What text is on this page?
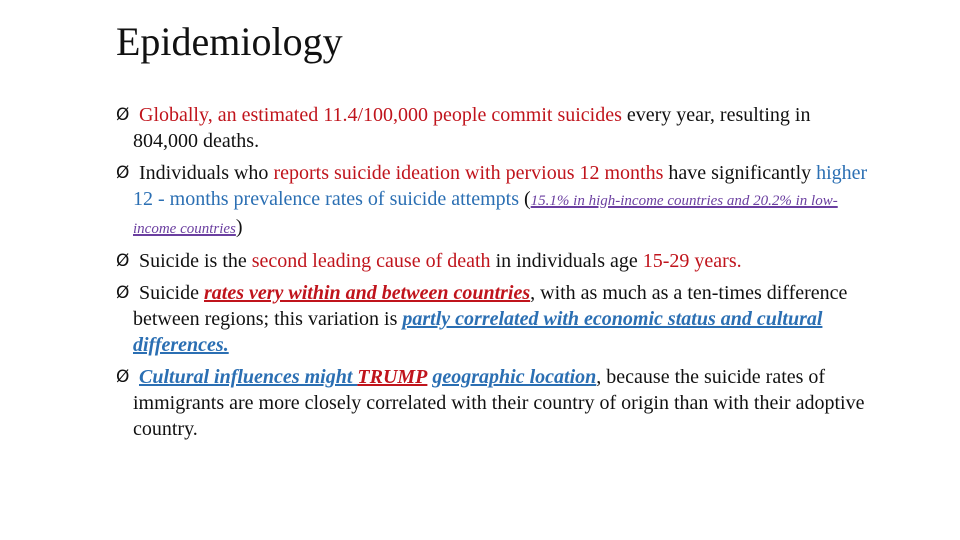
Epidemiology
Ø Globally, an estimated 11.4/100,000 people commit suicides every year, resulting in 804,000 deaths.
Ø Individuals who reports suicide ideation with pervious 12 months have significantly higher 12 - months prevalence rates of suicide attempts (15.1% in high-income countries and 20.2% in low-income countries)
Ø Suicide is the second leading cause of death in individuals age 15-29 years.
Ø Suicide rates very within and between countries, with as much as a ten-times difference between regions; this variation is partly correlated with economic status and cultural differences.
Ø Cultural influences might TRUMP geographic location, because the suicide rates of immigrants are more closely correlated with their country of origin than with their adoptive country.
